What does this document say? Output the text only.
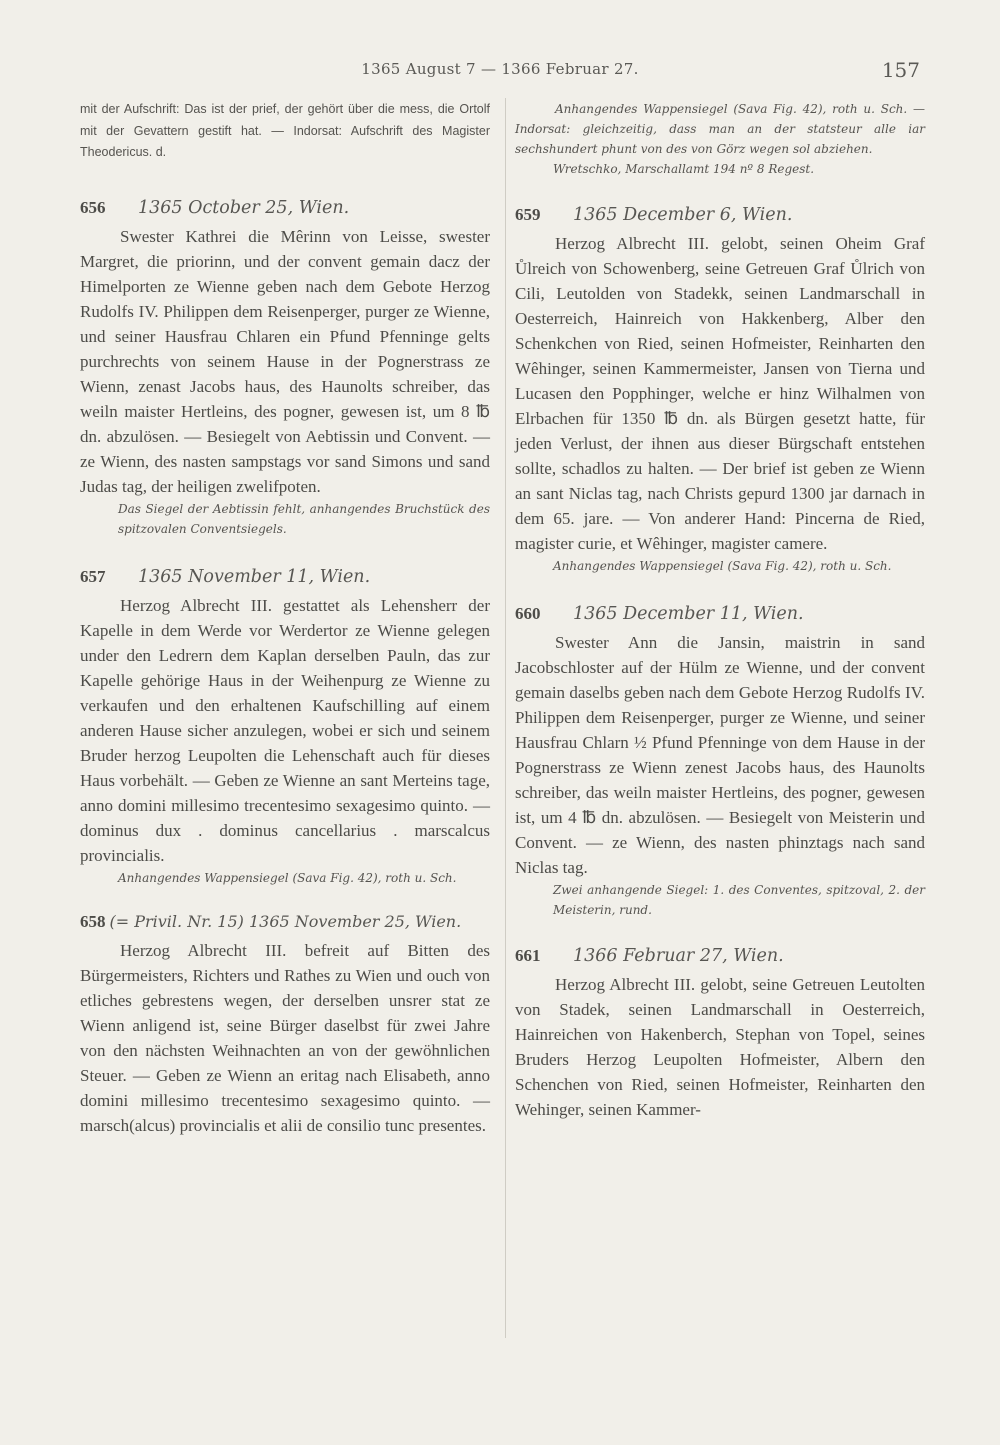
1365 August 7 — 1366 Februar 27.	157

mit der Aufschrift: Das ist der prief, der gehört über die mess, die Ortolf mit der Gevattern gestift hat. — Indorsat: Aufschrift des Magister Theodericus. d.

656 1365 October 25, Wien.

Swester Kathrei die Mêrinn von Leisse, swester Margret, die priorinn, und der convent gemain dacz der Himelporten ze Wienne geben nach dem Gebote Herzog Rudolfs IV. Philippen dem Reisenperger, purger ze Wienne, und seiner Hausfrau Chlaren ein Pfund Pfenninge gelts purchrechts von seinem Hause in der Pognerstrass ze Wienn, zenast Jacobs haus, des Haunolts schreiber, das weiln maister Hertleins, des pogner, gewesen ist, um 8 ℔ dn. abzulösen. — Besiegelt von Aebtissin und Convent. — ze Wienn, des nasten sampstags vor sand Simons und sand Judas tag, der heiligen zwelifpoten.

Das Siegel der Aebtissin fehlt, anhangendes Bruchstück des spitzovalen Conventsiegels.

657 1365 November 11, Wien.

Herzog Albrecht III. gestattet als Lehensherr der Kapelle in dem Werde vor Werdertor ze Wienne gelegen under den Ledrern dem Kaplan derselben Pauln, das zur Kapelle gehörige Haus in der Weihenpurg ze Wienne zu verkaufen und den erhaltenen Kaufschilling auf einem anderen Hause sicher anzulegen, wobei er sich und seinem Bruder herzog Leupolten die Lehenschaft auch für dieses Haus vorbehält. — Geben ze Wienne an sant Merteins tage, anno domini millesimo trecentesimo sexagesimo quinto. — dominus dux . dominus cancellarius . marscalcus provincialis.

Anhangendes Wappensiegel (Sava Fig. 42), roth u. Sch.

658 (= Privil. Nr. 15) 1365 November 25, Wien.

Herzog Albrecht III. befreit auf Bitten des Bürgermeisters, Richters und Rathes zu Wien und ouch von etliches gebrestens wegen, der derselben unsrer stat ze Wienn anligend ist, seine Bürger daselbst für zwei Jahre von den nächsten Weihnachten an von der gewöhnlichen Steuer. — Geben ze Wienn an eritag nach Elisabeth, anno domini millesimo trecentesimo sexagesimo quinto. — marsch(alcus) provincialis et alii de consilio tunc presentes.

Anhangendes Wappensiegel (Sava Fig. 42), roth u. Sch. — Indorsat: gleichzeitig, dass man an der statsteur alle iar sechshundert phunt von des von Görz wegen sol abziehen.

Wretschko, Marschallamt 194 nº 8 Regest.

659 1365 December 6, Wien.

Herzog Albrecht III. gelobt, seinen Oheim Graf Ůlreich von Schowenberg, seine Getreuen Graf Ůlrich von Cili, Leutolden von Stadekk, seinen Landmarschall in Oesterreich, Hainreich von Hakkenberg, Alber den Schenkchen von Ried, seinen Hofmeister, Reinharten den Wêhinger, seinen Kammermeister, Jansen von Tierna und Lucasen den Popphinger, welche er hinz Wilhalmen von Elrbachen für 1350 ℔ dn. als Bürgen gesetzt hatte, für jeden Verlust, der ihnen aus dieser Bürgschaft entstehen sollte, schadlos zu halten. — Der brief ist geben ze Wienn an sant Niclas tag, nach Christs gepurd 1300 jar darnach in dem 65. jare. — Von anderer Hand: Pincerna de Ried, magister curie, et Wêhinger, magister camere.

Anhangendes Wappensiegel (Sava Fig. 42), roth u. Sch.

660 1365 December 11, Wien.

Swester Ann die Jansin, maistrin in sand Jacobschloster auf der Hülm ze Wienne, und der convent gemain daselbs geben nach dem Gebote Herzog Rudolfs IV. Philippen dem Reisenperger, purger ze Wienne, und seiner Hausfrau Chlarn ½ Pfund Pfenninge von dem Hause in der Pognerstrass ze Wienn zenest Jacobs haus, des Haunolts schreiber, das weiln maister Hertleins, des pogner, gewesen ist, um 4 ℔ dn. abzulösen. — Besiegelt von Meisterin und Convent. — ze Wienn, des nasten phinztags nach sand Niclas tag.

Zwei anhangende Siegel: 1. des Conventes, spitzoval, 2. der Meisterin, rund.

661 1366 Februar 27, Wien.

Herzog Albrecht III. gelobt, seine Getreuen Leutolten von Stadek, seinen Landmarschall in Oesterreich, Hainreichen von Hakenberch, Stephan von Topel, seines Bruders Herzog Leupolten Hofmeister, Albern den Schenchen von Ried, seinen Hofmeister, Reinharten den Wehinger, seinen Kammer-
